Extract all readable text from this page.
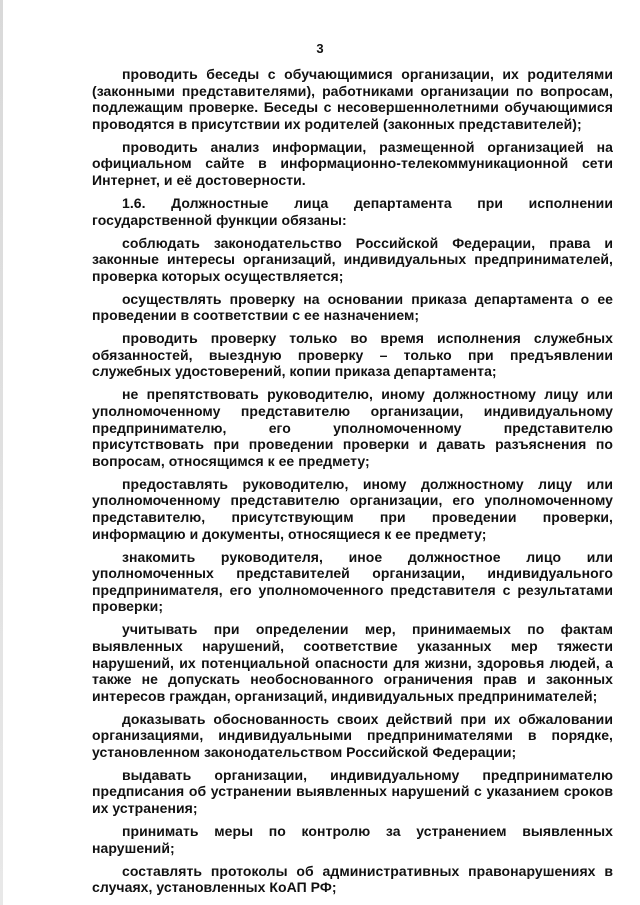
3

проводить беседы с обучающимися организации, их родителями (законными представителями), работниками организации по вопросам, подлежащим проверке. Беседы с несовершеннолетними обучающимися проводятся в присутствии их родителей (законных представителей);

проводить анализ информации, размещенной организацией на официальном сайте в информационно-телекоммуникационной сети Интернет, и её достоверности.

1.6. Должностные лица департамента при исполнении государственной функции обязаны:

соблюдать законодательство Российской Федерации, права и законные интересы организаций, индивидуальных предпринимателей, проверка которых осуществляется;

осуществлять проверку на основании приказа департамента о ее проведении в соответствии с ее назначением;

проводить проверку только во время исполнения служебных обязанностей, выездную проверку – только при предъявлении служебных удостоверений, копии приказа департамента;

не препятствовать руководителю, иному должностному лицу или уполномоченному представителю организации, индивидуальному предпринимателю, его уполномоченному представителю присутствовать при проведении проверки и давать разъяснения по вопросам, относящимся к ее предмету;

предоставлять руководителю, иному должностному лицу или уполномоченному представителю организации, его уполномоченному представителю, присутствующим при проведении проверки, информацию и документы, относящиеся к ее предмету;

знакомить руководителя, иное должностное лицо или уполномоченных представителей организации, индивидуального предпринимателя, его уполномоченного представителя с результатами проверки;

учитывать при определении мер, принимаемых по фактам выявленных нарушений, соответствие указанных мер тяжести нарушений, их потенциальной опасности для жизни, здоровья людей, а также не допускать необоснованного ограничения прав и законных интересов граждан, организаций, индивидуальных предпринимателей;

доказывать обоснованность своих действий при их обжаловании организациями, индивидуальными предпринимателями в порядке, установленном законодательством Российской Федерации;

выдавать организации, индивидуальному предпринимателю предписания об устранении выявленных нарушений с указанием сроков их устранения;

принимать меры по контролю за устранением выявленных нарушений;

составлять протоколы об административных правонарушениях в случаях, установленных КоАП РФ;
